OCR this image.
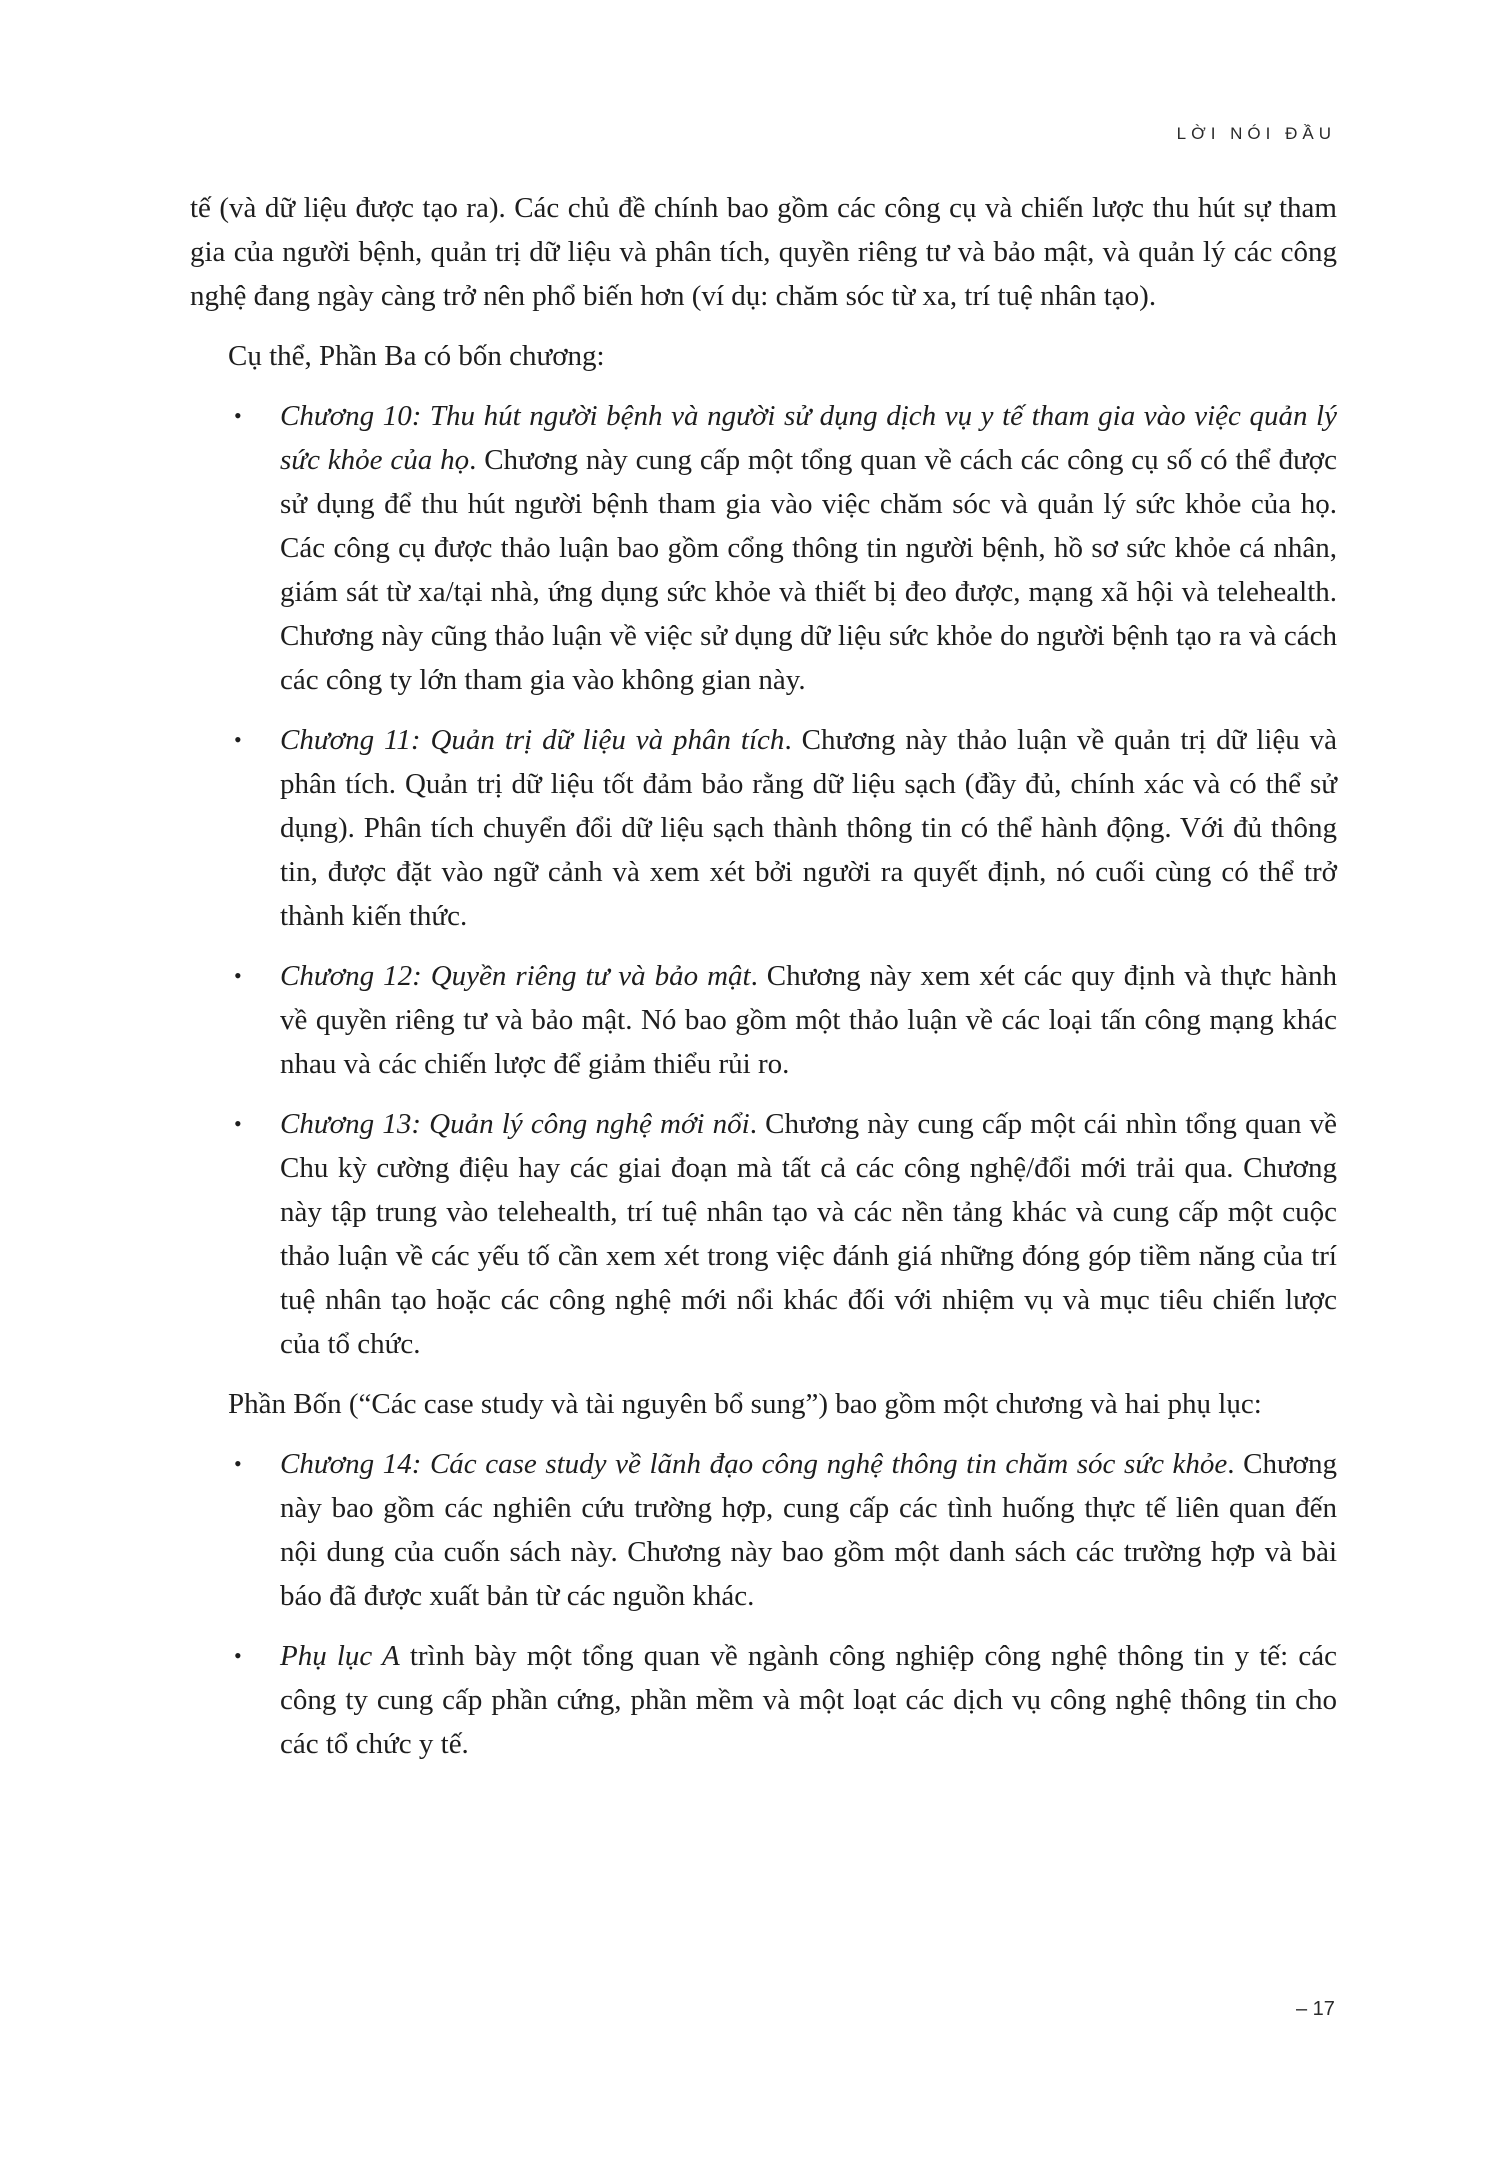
LỜI NÓI ĐẦU

tế (và dữ liệu được tạo ra). Các chủ đề chính bao gồm các công cụ và chiến lược thu hút sự tham gia của người bệnh, quản trị dữ liệu và phân tích, quyền riêng tư và bảo mật, và quản lý các công nghệ đang ngày càng trở nên phổ biến hơn (ví dụ: chăm sóc từ xa, trí tuệ nhân tạo).

Cụ thể, Phần Ba có bốn chương:

• Chương 10: Thu hút người bệnh và người sử dụng dịch vụ y tế tham gia vào việc quản lý sức khỏe của họ. Chương này cung cấp một tổng quan về cách các công cụ số có thể được sử dụng để thu hút người bệnh tham gia vào việc chăm sóc và quản lý sức khỏe của họ. Các công cụ được thảo luận bao gồm cổng thông tin người bệnh, hồ sơ sức khỏe cá nhân, giám sát từ xa/tại nhà, ứng dụng sức khỏe và thiết bị đeo được, mạng xã hội và telehealth. Chương này cũng thảo luận về việc sử dụng dữ liệu sức khỏe do người bệnh tạo ra và cách các công ty lớn tham gia vào không gian này.
• Chương 11: Quản trị dữ liệu và phân tích. Chương này thảo luận về quản trị dữ liệu và phân tích. Quản trị dữ liệu tốt đảm bảo rằng dữ liệu sạch (đầy đủ, chính xác và có thể sử dụng). Phân tích chuyển đổi dữ liệu sạch thành thông tin có thể hành động. Với đủ thông tin, được đặt vào ngữ cảnh và xem xét bởi người ra quyết định, nó cuối cùng có thể trở thành kiến thức.
• Chương 12: Quyền riêng tư và bảo mật. Chương này xem xét các quy định và thực hành về quyền riêng tư và bảo mật. Nó bao gồm một thảo luận về các loại tấn công mạng khác nhau và các chiến lược để giảm thiểu rủi ro.
• Chương 13: Quản lý công nghệ mới nổi. Chương này cung cấp một cái nhìn tổng quan về Chu kỳ cường điệu hay các giai đoạn mà tất cả các công nghệ/đổi mới trải qua. Chương này tập trung vào telehealth, trí tuệ nhân tạo và các nền tảng khác và cung cấp một cuộc thảo luận về các yếu tố cần xem xét trong việc đánh giá những đóng góp tiềm năng của trí tuệ nhân tạo hoặc các công nghệ mới nổi khác đối với nhiệm vụ và mục tiêu chiến lược của tổ chức.

Phần Bốn (“Các case study và tài nguyên bổ sung”) bao gồm một chương và hai phụ lục:

• Chương 14: Các case study về lãnh đạo công nghệ thông tin chăm sóc sức khỏe. Chương này bao gồm các nghiên cứu trường hợp, cung cấp các tình huống thực tế liên quan đến nội dung của cuốn sách này. Chương này bao gồm một danh sách các trường hợp và bài báo đã được xuất bản từ các nguồn khác.
• Phụ lục A trình bày một tổng quan về ngành công nghiệp công nghệ thông tin y tế: các công ty cung cấp phần cứng, phần mềm và một loạt các dịch vụ công nghệ thông tin cho các tổ chức y tế.
– 17
